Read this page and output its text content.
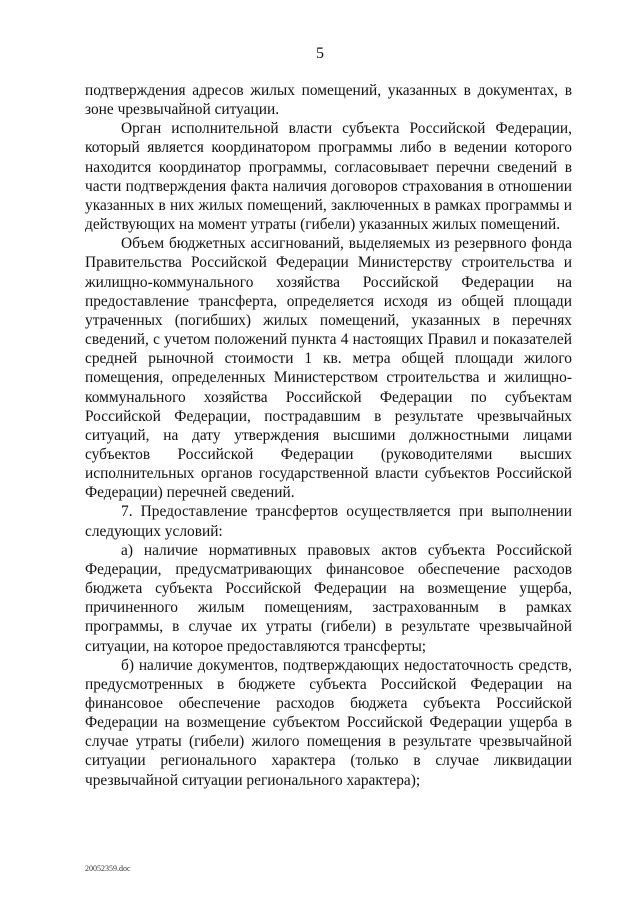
5

подтверждения адресов жилых помещений, указанных в документах, в зоне чрезвычайной ситуации.

Орган исполнительной власти субъекта Российской Федерации, который является координатором программы либо в ведении которого находится координатор программы, согласовывает перечни сведений в части подтверждения факта наличия договоров страхования в отношении указанных в них жилых помещений, заключенных в рамках программы и действующих на момент утраты (гибели) указанных жилых помещений.

Объем бюджетных ассигнований, выделяемых из резервного фонда Правительства Российской Федерации Министерству строительства и жилищно-коммунального хозяйства Российской Федерации на предоставление трансферта, определяется исходя из общей площади утраченных (погибших) жилых помещений, указанных в перечнях сведений, с учетом положений пункта 4 настоящих Правил и показателей средней рыночной стоимости 1 кв. метра общей площади жилого помещения, определенных Министерством строительства и жилищно-коммунального хозяйства Российской Федерации по субъектам Российской Федерации, пострадавшим в результате чрезвычайных ситуаций, на дату утверждения высшими должностными лицами субъектов Российской Федерации (руководителями высших исполнительных органов государственной власти субъектов Российской Федерации) перечней сведений.

7. Предоставление трансфертов осуществляется при выполнении следующих условий:

а) наличие нормативных правовых актов субъекта Российской Федерации, предусматривающих финансовое обеспечение расходов бюджета субъекта Российской Федерации на возмещение ущерба, причиненного жилым помещениям, застрахованным в рамках программы, в случае их утраты (гибели) в результате чрезвычайной ситуации, на которое предоставляются трансферты;

б) наличие документов, подтверждающих недостаточность средств, предусмотренных в бюджете субъекта Российской Федерации на финансовое обеспечение расходов бюджета субъекта Российской Федерации на возмещение субъектом Российской Федерации ущерба в случае утраты (гибели) жилого помещения в результате чрезвычайной ситуации регионального характера (только в случае ликвидации чрезвычайной ситуации регионального характера);

20052359.doc
